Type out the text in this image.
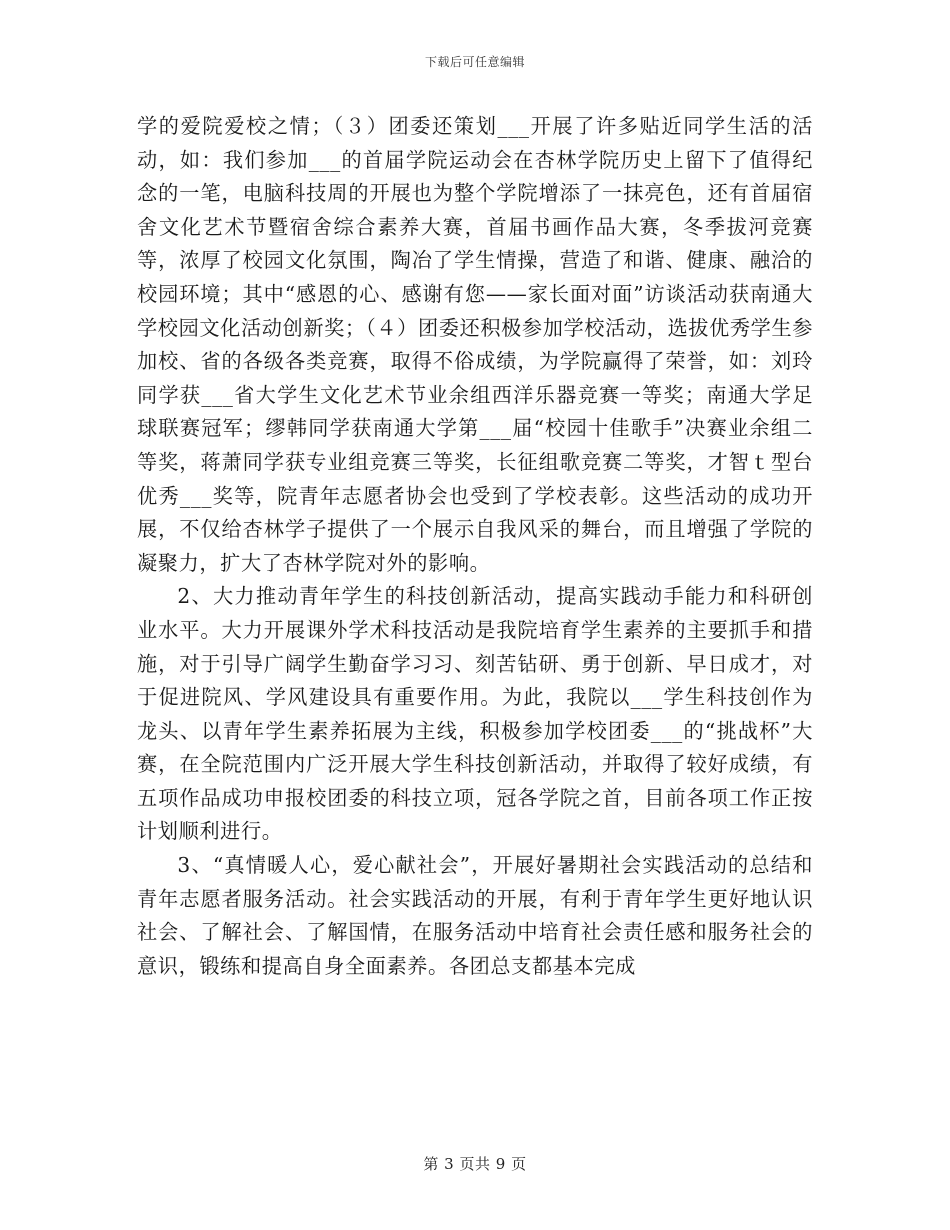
下载后可任意编辑

学的爱院爱校之情；（３）团委还策划___开展了许多贴近同学生活的活动，如：我们参加___的首届学院运动会在杏林学院历史上留下了值得纪念的一笔，电脑科技周的开展也为整个学院增添了一抹亮色，还有首届宿舍文化艺术节暨宿舍综合素养大赛，首届书画作品大赛，冬季拔河竞赛等，浓厚了校园文化氛围，陶冶了学生情操，营造了和谐、健康、融洽的校园环境；其中“感恩的心、感谢有您——家长面对面”访谈活动获南通大学校园文化活动创新奖；（４）团委还积极参加学校活动，选拔优秀学生参加校、省的各级各类竞赛，取得不俗成绩，为学院赢得了荣誉，如：刘玲同学获___省大学生文化艺术节业余组西洋乐器竞赛一等奖；南通大学足球联赛冠军；缪韩同学获南通大学第___届“校园十佳歌手”决赛业余组二等奖，蒋萧同学获专业组竞赛三等奖，长征组歌竞赛二等奖，才智ｔ型台优秀___奖等，院青年志愿者协会也受到了学校表彰。这些活动的成功开展，不仅给杏林学子提供了一个展示自我风采的舞台，而且增强了学院的凝聚力，扩大了杏林学院对外的影响。

2、大力推动青年学生的科技创新活动，提高实践动手能力和科研创业水平。大力开展课外学术科技活动是我院培育学生素养的主要抓手和措施，对于引导广阔学生勤奋学习习、刻苦钻研、勇于创新、早日成才，对于促进院风、学风建设具有重要作用。为此，我院以___学生科技创作为龙头、以青年学生素养拓展为主线，积极参加学校团委___的“挑战杯”大赛，在全院范围内广泛开展大学生科技创新活动，并取得了较好成绩，有五项作品成功申报校团委的科技立项，冠各学院之首，目前各项工作正按计划顺利进行。

3、“真情暖人心，爱心献社会”，开展好暑期社会实践活动的总结和青年志愿者服务活动。社会实践活动的开展，有利于青年学生更好地认识社会、了解社会、了解国情，在服务活动中培育社会责任感和服务社会的意识，锻练和提高自身全面素养。各团总支都基本完成

第 3 页共 9 页
